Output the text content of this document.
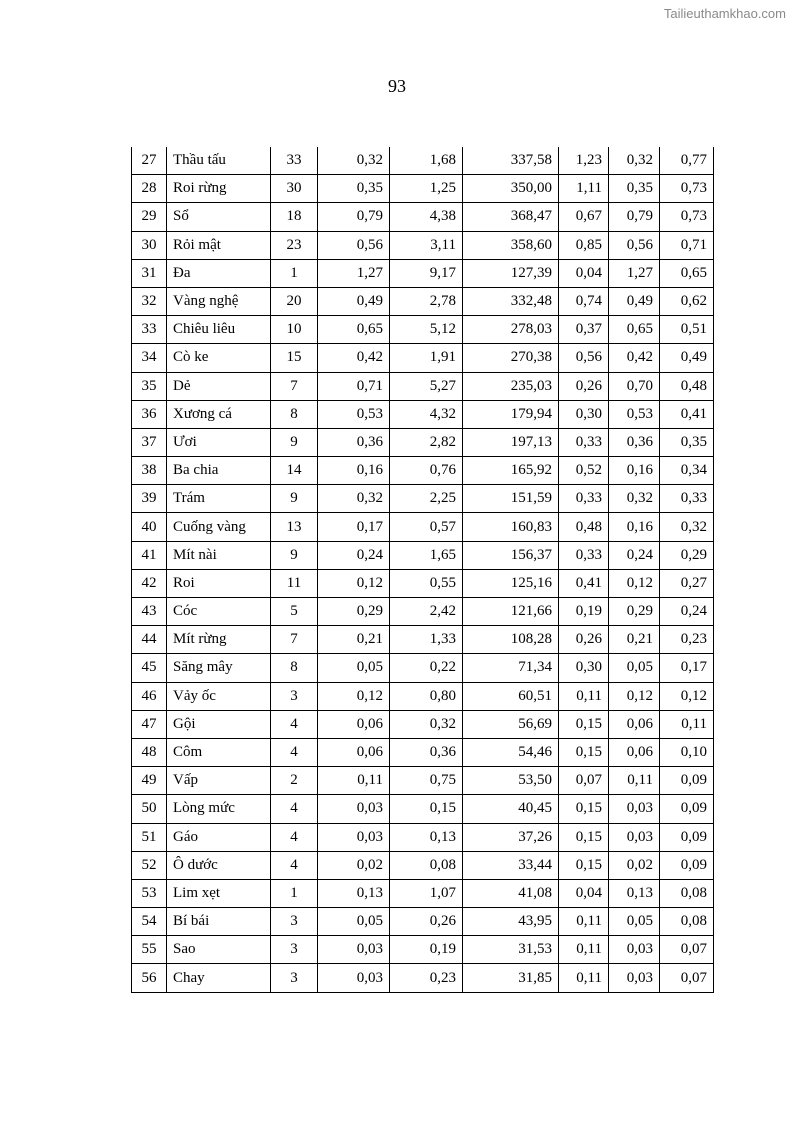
Tailieuthamkhao.com
93
27	Thầu tấu	33	0,32	1,68	337,58	1,23	0,32	0,77
28	Roi rừng	30	0,35	1,25	350,00	1,11	0,35	0,73
29	Sổ	18	0,79	4,38	368,47	0,67	0,79	0,73
30	Rỏi mật	23	0,56	3,11	358,60	0,85	0,56	0,71
31	Đa	1	1,27	9,17	127,39	0,04	1,27	0,65
32	Vàng nghệ	20	0,49	2,78	332,48	0,74	0,49	0,62
33	Chiêu liêu	10	0,65	5,12	278,03	0,37	0,65	0,51
34	Cò ke	15	0,42	1,91	270,38	0,56	0,42	0,49
35	Dẻ	7	0,71	5,27	235,03	0,26	0,70	0,48
36	Xương cá	8	0,53	4,32	179,94	0,30	0,53	0,41
37	Ươi	9	0,36	2,82	197,13	0,33	0,36	0,35
38	Ba chia	14	0,16	0,76	165,92	0,52	0,16	0,34
39	Trám	9	0,32	2,25	151,59	0,33	0,32	0,33
40	Cuống vàng	13	0,17	0,57	160,83	0,48	0,16	0,32
41	Mít nài	9	0,24	1,65	156,37	0,33	0,24	0,29
42	Roi	11	0,12	0,55	125,16	0,41	0,12	0,27
43	Cóc	5	0,29	2,42	121,66	0,19	0,29	0,24
44	Mít rừng	7	0,21	1,33	108,28	0,26	0,21	0,23
45	Săng mây	8	0,05	0,22	71,34	0,30	0,05	0,17
46	Vảy ốc	3	0,12	0,80	60,51	0,11	0,12	0,12
47	Gội	4	0,06	0,32	56,69	0,15	0,06	0,11
48	Côm	4	0,06	0,36	54,46	0,15	0,06	0,10
49	Vấp	2	0,11	0,75	53,50	0,07	0,11	0,09
50	Lòng mức	4	0,03	0,15	40,45	0,15	0,03	0,09
51	Gáo	4	0,03	0,13	37,26	0,15	0,03	0,09
52	Ô dước	4	0,02	0,08	33,44	0,15	0,02	0,09
53	Lim xẹt	1	0,13	1,07	41,08	0,04	0,13	0,08
54	Bí bái	3	0,05	0,26	43,95	0,11	0,05	0,08
55	Sao	3	0,03	0,19	31,53	0,11	0,03	0,07
56	Chay	3	0,03	0,23	31,85	0,11	0,03	0,07
